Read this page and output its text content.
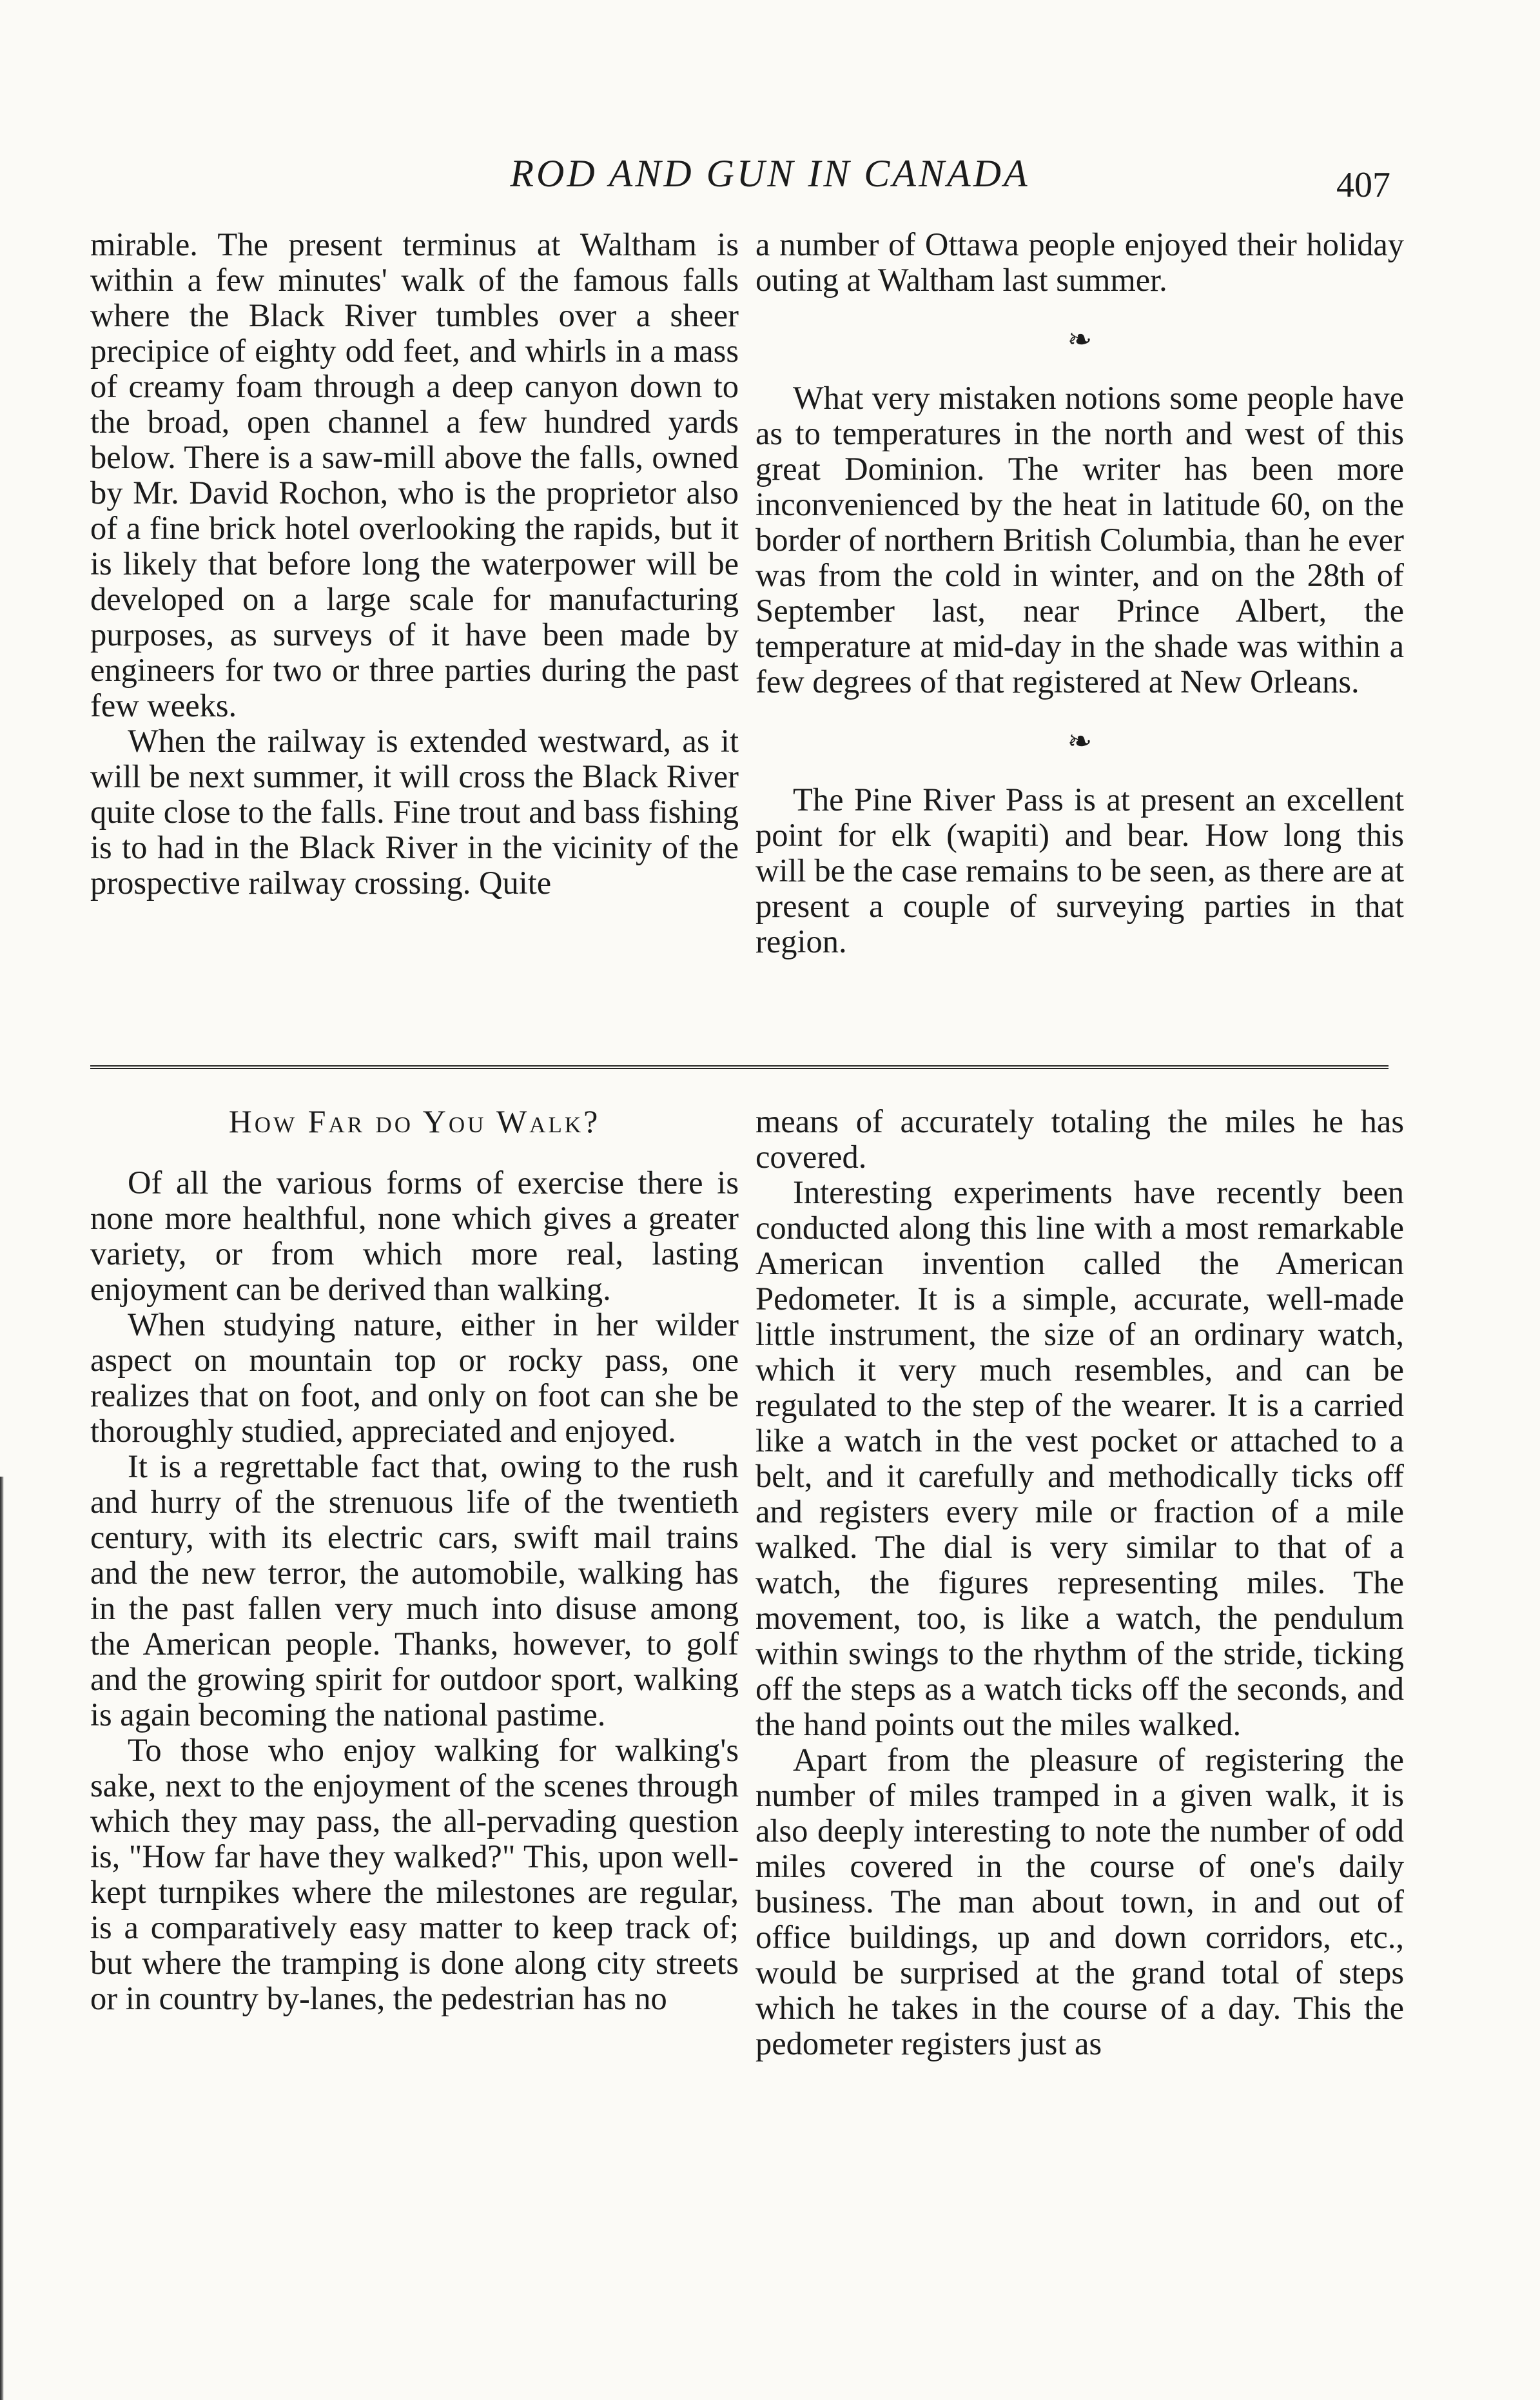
ROD AND GUN IN CANADA	407

mirable. The present terminus at Waltham is within a few minutes' walk of the famous falls where the Black River tumbles over a sheer precipice of eighty odd feet, and whirls in a mass of creamy foam through a deep canyon down to the broad, open channel a few hundred yards below. There is a saw-mill above the falls, owned by Mr. David Rochon, who is the proprietor also of a fine brick hotel overlooking the rapids, but it is likely that before long the waterpower will be developed on a large scale for manufacturing purposes, as surveys of it have been made by engineers for two or three parties during the past few weeks.

When the railway is extended westward, as it will be next summer, it will cross the Black River quite close to the falls. Fine trout and bass fishing is to had in the Black River in the vicinity of the prospective railway crossing. Quite

a number of Ottawa people enjoyed their holiday outing at Waltham last summer.

❧

What very mistaken notions some people have as to temperatures in the north and west of this great Dominion. The writer has been more inconvenienced by the heat in latitude 60, on the border of northern British Columbia, than he ever was from the cold in winter, and on the 28th of September last, near Prince Albert, the temperature at mid-day in the shade was within a few degrees of that registered at New Orleans.

❧

The Pine River Pass is at present an excellent point for elk (wapiti) and bear. How long this will be the case remains to be seen, as there are at present a couple of surveying parties in that region.

How Far do You Walk?

Of all the various forms of exercise there is none more healthful, none which gives a greater variety, or from which more real, lasting enjoyment can be derived than walking.

When studying nature, either in her wilder aspect on mountain top or rocky pass, one realizes that on foot, and only on foot can she be thoroughly studied, appreciated and enjoyed.

It is a regrettable fact that, owing to the rush and hurry of the strenuous life of the twentieth century, with its electric cars, swift mail trains and the new terror, the automobile, walking has in the past fallen very much into disuse among the American people. Thanks, however, to golf and the growing spirit for outdoor sport, walking is again becoming the national pastime.

To those who enjoy walking for walking's sake, next to the enjoyment of the scenes through which they may pass, the all-pervading question is, "How far have they walked?" This, upon well-kept turnpikes where the milestones are regular, is a comparatively easy matter to keep track of; but where the tramping is done along city streets or in country by-lanes, the pedestrian has no

means of accurately totaling the miles he has covered.

Interesting experiments have recently been conducted along this line with a most remarkable American invention called the American Pedometer. It is a simple, accurate, well-made little instrument, the size of an ordinary watch, which it very much resembles, and can be regulated to the step of the wearer. It is a carried like a watch in the vest pocket or attached to a belt, and it carefully and methodically ticks off and registers every mile or fraction of a mile walked. The dial is very similar to that of a watch, the figures representing miles. The movement, too, is like a watch, the pendulum within swings to the rhythm of the stride, ticking off the steps as a watch ticks off the seconds, and the hand points out the miles walked.

Apart from the pleasure of registering the number of miles tramped in a given walk, it is also deeply interesting to note the number of odd miles covered in the course of one's daily business. The man about town, in and out of office buildings, up and down corridors, etc., would be surprised at the grand total of steps which he takes in the course of a day. This the pedometer registers just as
